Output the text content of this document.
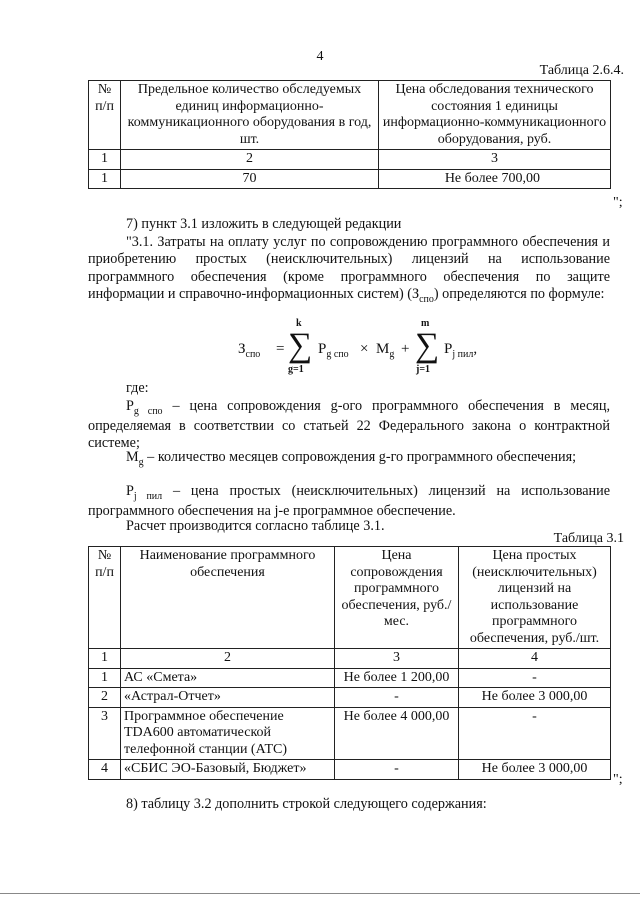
4
Таблица 2.6.4.
№ п/п	Предельное количество обследуемых единиц информационно-коммуникационного оборудования в год, шт.	Цена обследования технического состояния 1 единицы информационно-коммуникационного оборудования, руб.
1	2	3
1	70	Не более 700,00
";
7) пункт 3.1 изложить в следующей редакции
"3.1. Затраты на оплату услуг по сопровождению программного обеспечения и приобретению простых (неисключительных) лицензий на использование программного обеспечения (кроме программного обеспечения по защите информации и справочно-информационных систем) $(З_{спо})$ определяются по формуле:
$З_{спо}$ =
k
∑
g=1
$P_{g спо} \times M_g$ +
m
∑
j=1
$P_{j пил}$,
где:
$P_{g спо}$ – цена сопровождения g-ого программного обеспечения в месяц, определяемая в соответствии со статьей 22 Федерального закона о контрактной системе;
$M_g$ – количество месяцев сопровождения g-го программного обеспечения;
$P_{j пил}$ – цена простых (неисключительных) лицензий на использование программного обеспечения на j-е программное обеспечение.
Расчет производится согласно таблице 3.1.
Таблица 3.1
№ п/п	Наименование программного обеспечения	Цена сопровождения программного обеспечения, руб./мес.	Цена простых (неисключительных) лицензий на использование программного обеспечения, руб./шт.
1	2	3	4
1	АС «Смета»	Не более 1 200,00	-
2	«Астрал-Отчет»	-	Не более 3 000,00
3	Программное обеспечение TDA600 автоматической телефонной станции (АТС)	Не более 4 000,00	-
4	«СБИС ЭО-Базовый, Бюджет»	-	Не более 3 000,00
";
8) таблицу 3.2 дополнить строкой следующего содержания:
